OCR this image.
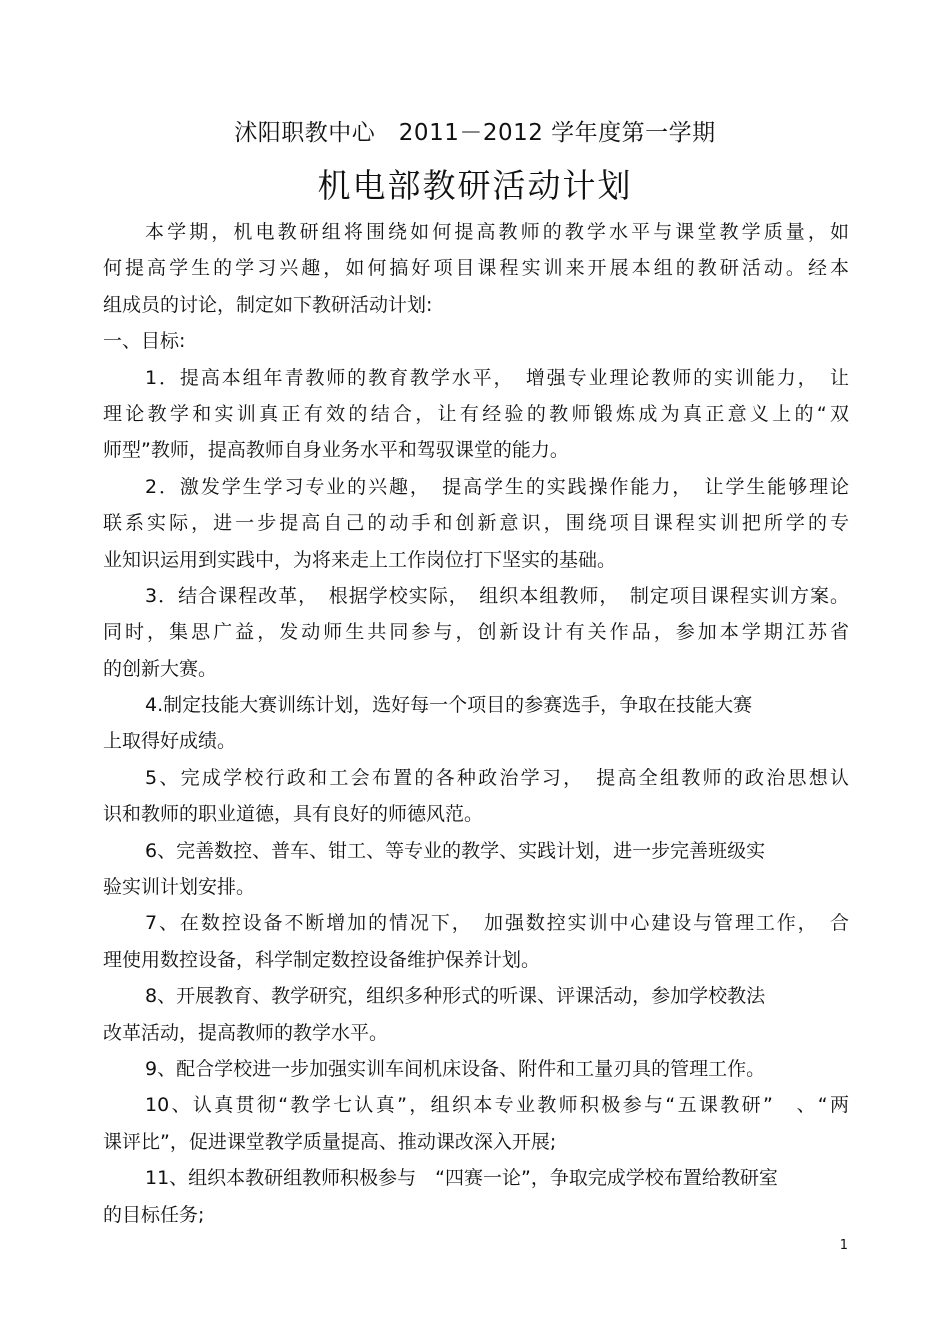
沭阳职教中心　2011－2012 学年度第一学期
机电部教研活动计划
本学期，机电教研组将围绕如何提高教师的教学水平与课堂教学质量，如
何提高学生的学习兴趣，如何搞好项目课程实训来开展本组的教研活动。经本
组成员的讨论，制定如下教研活动计划:
一、目标:
1．提高本组年青教师的教育教学水平，　增强专业理论教师的实训能力，　让
理论教学和实训真正有效的结合，让有经验的教师锻炼成为真正意义上的“双
师型”教师，提高教师自身业务水平和驾驭课堂的能力。
2．激发学生学习专业的兴趣，　提高学生的实践操作能力，　让学生能够理论
联系实际，进一步提高自己的动手和创新意识，围绕项目课程实训把所学的专
业知识运用到实践中，为将来走上工作岗位打下坚实的基础。
3．结合课程改革，　根据学校实际，　组织本组教师，　制定项目课程实训方案。
同时，集思广益，发动师生共同参与，创新设计有关作品，参加本学期江苏省
的创新大赛。
4.制定技能大赛训练计划，选好每一个项目的参赛选手，争取在技能大赛
上取得好成绩。
5、完成学校行政和工会布置的各种政治学习，　提高全组教师的政治思想认
识和教师的职业道德，具有良好的师德风范。
6、完善数控、普车、钳工、等专业的教学、实践计划，进一步完善班级实
验实训计划安排。
7、在数控设备不断增加的情况下，　加强数控实训中心建设与管理工作，　合
理使用数控设备，科学制定数控设备维护保养计划。
8、开展教育、教学研究，组织多种形式的听课、评课活动，参加学校教法
改革活动，提高教师的教学水平。
9、配合学校进一步加强实训车间机床设备、附件和工量刃具的管理工作。
10、认真贯彻“教学七认真”，组织本专业教师积极参与“五课教研”　、“两
课评比”，促进课堂教学质量提高、推动课改深入开展;
11、组织本教研组教师积极参与　“四赛一论”，争取完成学校布置给教研室
的目标任务;
1
